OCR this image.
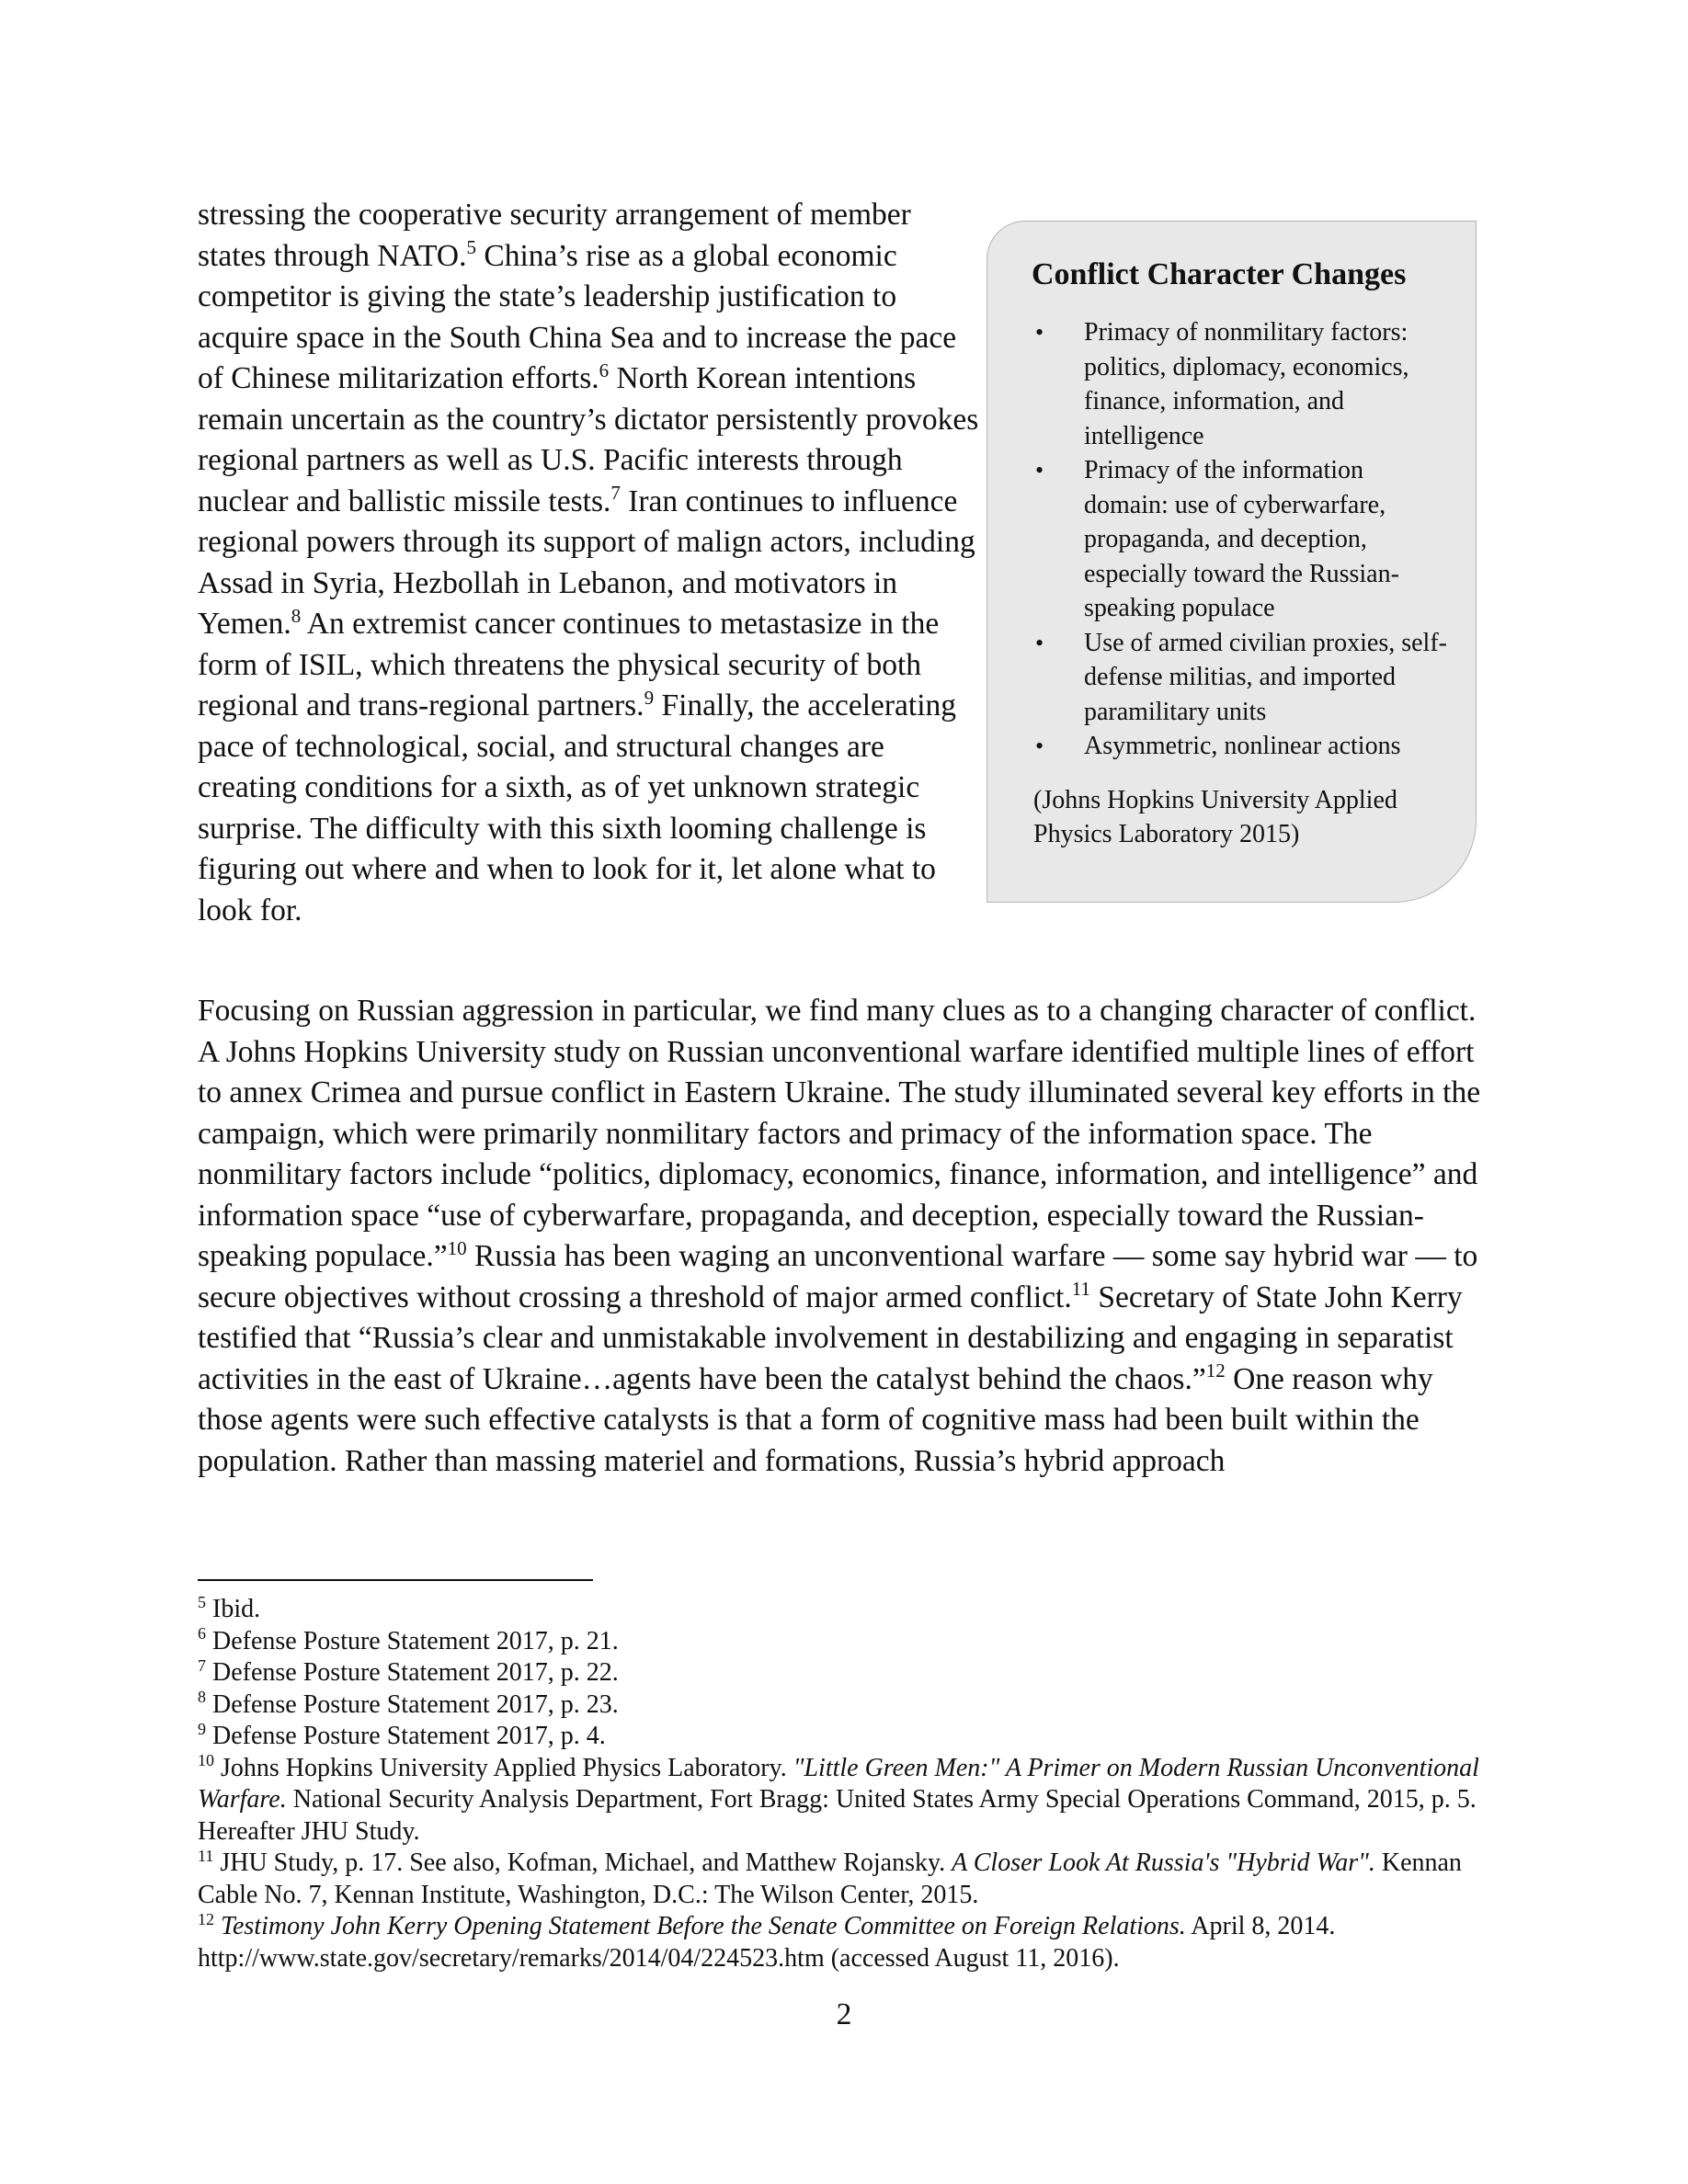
stressing the cooperative security arrangement of member states through NATO.$^5$ China’s rise as a global economic competitor is giving the state’s leadership justification to acquire space in the South China Sea and to increase the pace of Chinese militarization efforts.$^6$ North Korean intentions remain uncertain as the country’s dictator persistently provokes regional partners as well as U.S. Pacific interests through nuclear and ballistic missile tests.$^7$ Iran continues to influence regional powers through its support of malign actors, including Assad in Syria, Hezbollah in Lebanon, and motivators in Yemen.$^8$ An extremist cancer continues to metastasize in the form of ISIL, which threatens the physical security of both regional and trans-regional partners.$^9$ Finally, the accelerating pace of technological, social, and structural changes are creating conditions for a sixth, as of yet unknown strategic surprise. The difficulty with this sixth looming challenge is figuring out where and when to look for it, let alone what to look for.

Conflict Character Changes
• Primacy of nonmilitary factors: politics, diplomacy, economics, finance, information, and intelligence
• Primacy of the information domain: use of cyberwarfare, propaganda, and deception, especially toward the Russian-speaking populace
• Use of armed civilian proxies, self-defense militias, and imported paramilitary units
• Asymmetric, nonlinear actions
(Johns Hopkins University Applied Physics Laboratory 2015)

Focusing on Russian aggression in particular, we find many clues as to a changing character of conflict. A Johns Hopkins University study on Russian unconventional warfare identified multiple lines of effort to annex Crimea and pursue conflict in Eastern Ukraine. The study illuminated several key efforts in the campaign, which were primarily nonmilitary factors and primacy of the information space. The nonmilitary factors include “politics, diplomacy, economics, finance, information, and intelligence” and information space “use of cyberwarfare, propaganda, and deception, especially toward the Russian-speaking populace.”$^{10}$ Russia has been waging an unconventional warfare — some say hybrid war — to secure objectives without crossing a threshold of major armed conflict.$^{11}$ Secretary of State John Kerry testified that “Russia’s clear and unmistakable involvement in destabilizing and engaging in separatist activities in the east of Ukraine…agents have been the catalyst behind the chaos.”$^{12}$ One reason why those agents were such effective catalysts is that a form of cognitive mass had been built within the population. Rather than massing materiel and formations, Russia’s hybrid approach

$^5$ Ibid.

$^6$ Defense Posture Statement 2017, p. 21.

$^7$ Defense Posture Statement 2017, p. 22.

$^8$ Defense Posture Statement 2017, p. 23.

$^9$ Defense Posture Statement 2017, p. 4.

$^{10}$ Johns Hopkins University Applied Physics Laboratory. "Little Green Men:" A Primer on Modern Russian Unconventional Warfare. National Security Analysis Department, Fort Bragg: United States Army Special Operations Command, 2015, p. 5. Hereafter JHU Study.

$^{11}$ JHU Study, p. 17. See also, Kofman, Michael, and Matthew Rojansky. A Closer Look At Russia's "Hybrid War". Kennan Cable No. 7, Kennan Institute, Washington, D.C.: The Wilson Center, 2015.

$^{12}$ Testimony John Kerry Opening Statement Before the Senate Committee on Foreign Relations. April 8, 2014. http://www.state.gov/secretary/remarks/2014/04/224523.htm (accessed August 11, 2016).

2
